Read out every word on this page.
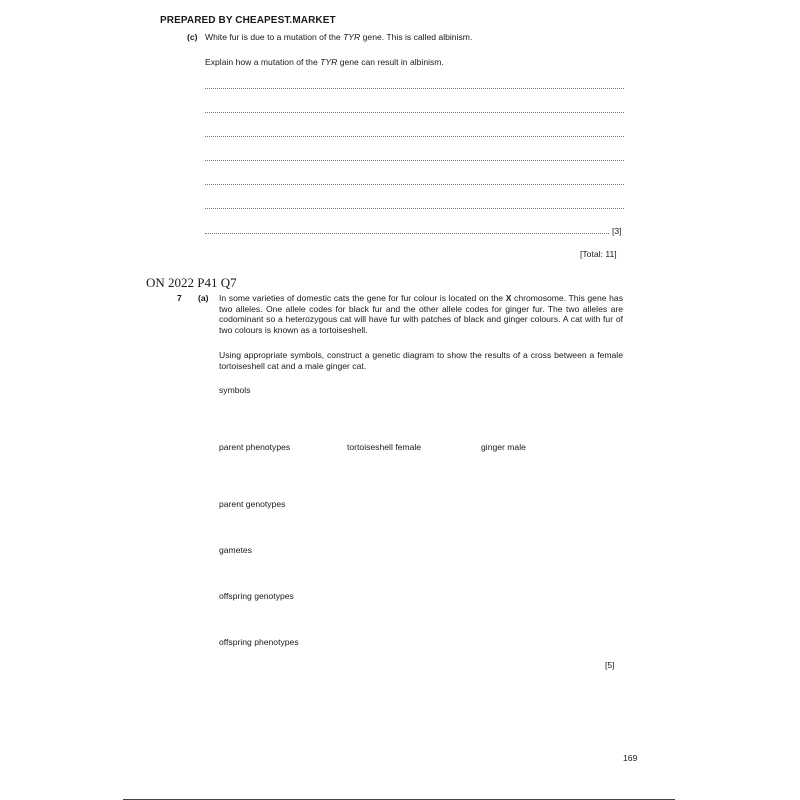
PREPARED BY CHEAPEST.MARKET
(c) White fur is due to a mutation of the TYR gene. This is called albinism.
Explain how a mutation of the TYR gene can result in albinism.
[3]
[Total: 11]
ON 2022 P41 Q7
7 (a) In some varieties of domestic cats the gene for fur colour is located on the X chromosome. This gene has two alleles. One allele codes for black fur and the other allele codes for ginger fur. The two alleles are codominant so a heterozygous cat will have fur with patches of black and ginger colours. A cat with fur of two colours is known as a tortoiseshell.
Using appropriate symbols, construct a genetic diagram to show the results of a cross between a female tortoiseshell cat and a male ginger cat.
symbols
parent phenotypes	tortoiseshell female	ginger male
parent genotypes
gametes
offspring genotypes
offspring phenotypes
[5]
169
